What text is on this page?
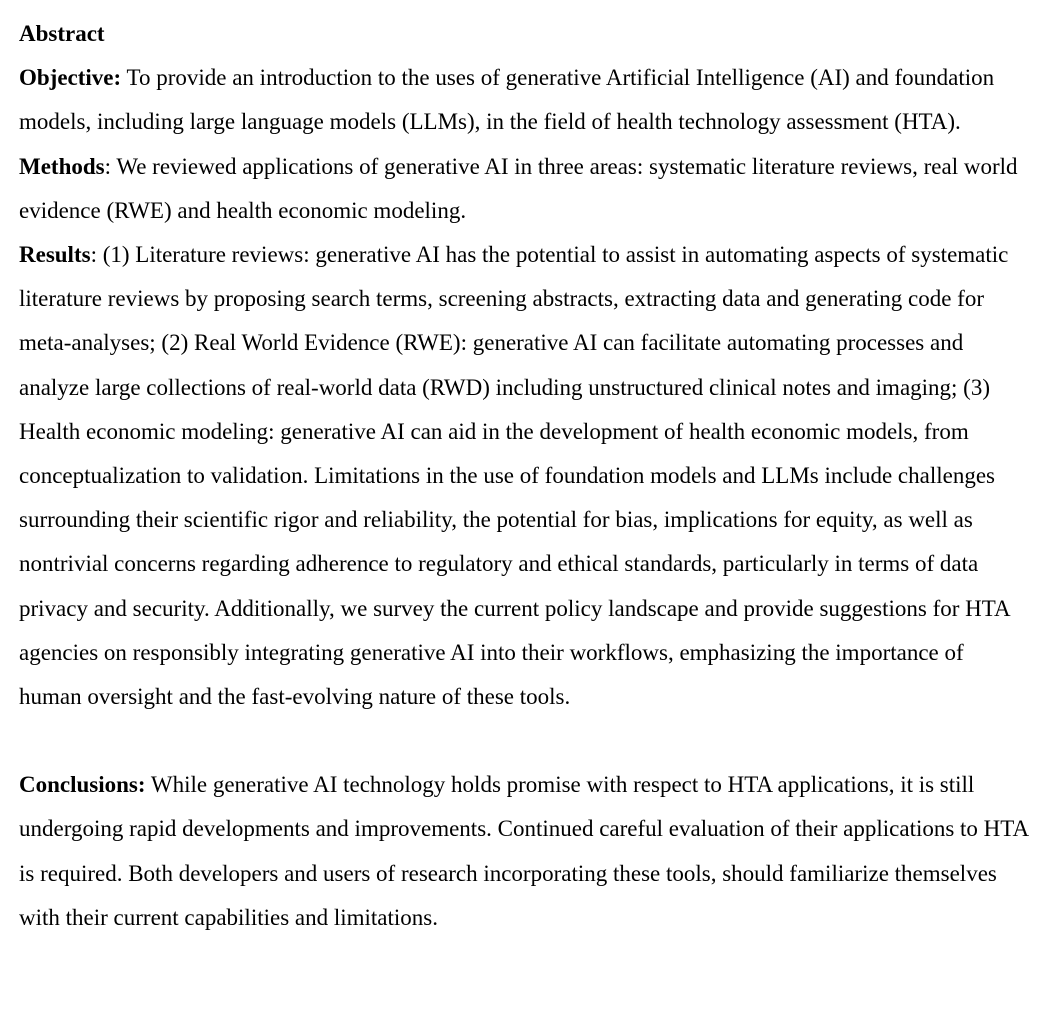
Abstract

Objective: To provide an introduction to the uses of generative Artificial Intelligence (AI) and foundation models, including large language models (LLMs), in the field of health technology assessment (HTA).

Methods: We reviewed applications of generative AI in three areas: systematic literature reviews, real world evidence (RWE) and health economic modeling.

Results: (1) Literature reviews: generative AI has the potential to assist in automating aspects of systematic literature reviews by proposing search terms, screening abstracts, extracting data and generating code for meta-analyses; (2) Real World Evidence (RWE): generative AI can facilitate automating processes and analyze large collections of real-world data (RWD) including unstructured clinical notes and imaging; (3) Health economic modeling: generative AI can aid in the development of health economic models, from conceptualization to validation. Limitations in the use of foundation models and LLMs include challenges surrounding their scientific rigor and reliability, the potential for bias, implications for equity, as well as nontrivial concerns regarding adherence to regulatory and ethical standards, particularly in terms of data privacy and security. Additionally, we survey the current policy landscape and provide suggestions for HTA agencies on responsibly integrating generative AI into their workflows, emphasizing the importance of human oversight and the fast-evolving nature of these tools.

Conclusions: While generative AI technology holds promise with respect to HTA applications, it is still undergoing rapid developments and improvements. Continued careful evaluation of their applications to HTA is required. Both developers and users of research incorporating these tools, should familiarize themselves with their current capabilities and limitations.
